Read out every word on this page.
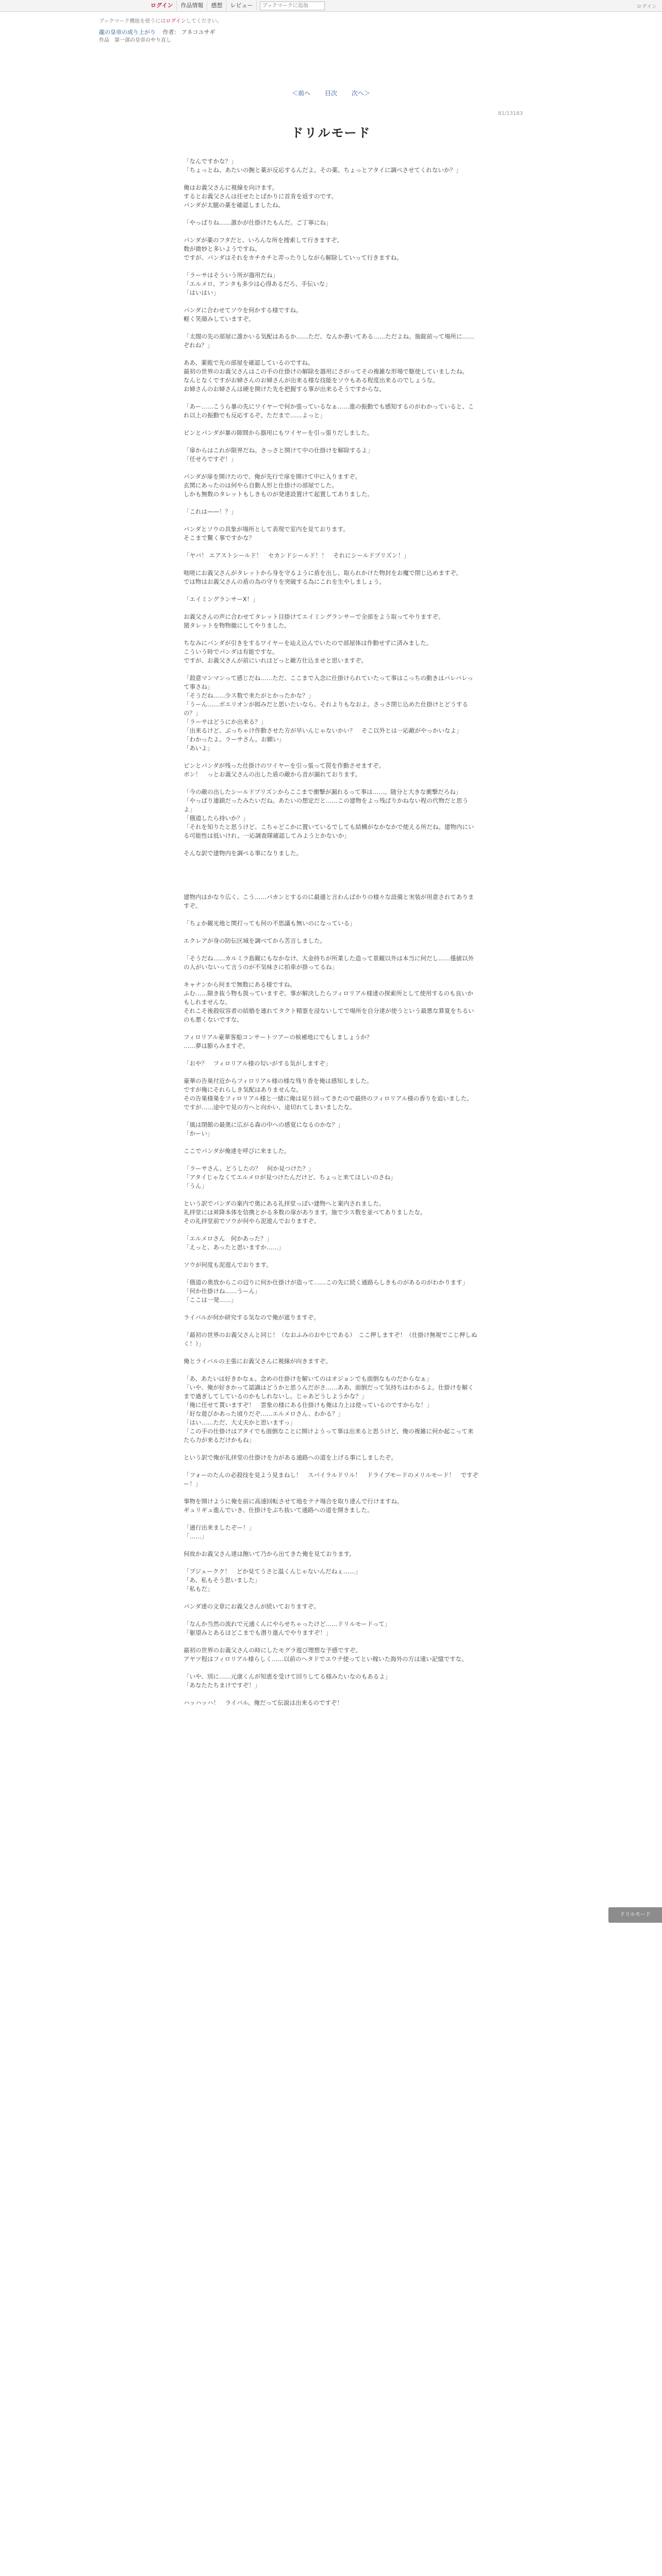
ログイン	作品情報	感想	レビュー
ブックマークに追加	ログイン
ブックマーク機能を使うにはログインしてください。
龍の皇帝の成り上がり 作者： アネコユサギ
作品　第一部の皇帝のやり直し
＜前へ 目次 次へ＞
81/13183
ドリルモード

「なんですかな？」
「ちょっとね、あたいの腕と薬が反応するんだよ。その薬、ちょっとアタイに調べさせてくれないか？」

俺はお義父さんに視線を向けます。
するとお義父さんは任せたとばかりに首肯を返すのです。
パンダが太腿の薬を確認しましたね。

「やっぱりね……誰かが仕掛けたもんだ。ご丁寧にね」

パンダが薬のフタだと、いろんな所を捜索して行きますぞ。
数が微妙と多いようですね。
ですが、パンダはそれをカチカチと弄ったりしながら解除していって行きますね。

「ラーサはそういう所が器用だね」
「エルメロ、アンタも多少は心得あるだろ、手伝いな」
「はいはい」

パンダに合わせてソウを何かする様ですね。
軽く笑顔みしていますぞ。

「太閤の先の部屋に誰かいる気配はあるか……ただ、なんか書いてある……ただよね。施錠前って場所に……ぞれね？」

ああ、薬瓶で先の部屋を確認しているのですね。
最初の世界のお義父さんはこの手の仕掛けの解除を器用にさがってその複雑な形場で駆使していましたね。
なんとなくですがお婦さんのお婦さんが出来る様な技能をソウもある程度出来るのでしょうな。
お婦さんのお婦さんは硬を開けた先を把握する事が出来るそうですからな。

「あー……こうら暴の先にワイヤーで何か張っているなぁ……進の振動でも感知するのがわかっていると、これ以上の振動でも反応するぞ。ただまで……よっと」

ピンとパンダが暴の隙間から器用にもワイヤーを引っ張りだしました。

「扉からはこれが限界だね。さっさと開けて中の仕掛けを解除するよ」
「任せろですぞ！」

パンダが扉を開けたので、俺が先行で扉を開けて中に入りますぞ。
玄関にあったのは何やら自動人形と仕掛けの部屋でした。
しかも無数のタレットもしきものが発達設置けて起置してありました。

「これは——！？」

パンダとソウの具象が場所として表現で室内を見ております。
そこまで驚く事ですかな？

「ヤバ！ エアストシールド！　セカンドシールド！！　それにシールドプリズン！」

咄嗟にお義父さんがタレットから身を守るように盾を出し、取られかけた物封をお魔で閉じ込めますぞ。
では物はお義父さんの盾の為の守りを突破する為にこれを生やしましょう。

「エイミングランサーX！」

お義父さんの声に合わせてタレット目掛けてエイミングランサーで全部をよう取ってやりますぞ。
猪タレットを物物撤にしてやりました。

ちなみにパンダが引きをするワイヤーを辿え込んでいたので部屋体は作動せずに済みました。
こういう時でパンダは有能ですな。
ですが、お義父さんが前にいれほどっと敵方仕込ませと思いますぞ。

「殺意マンマンって感じだね……ただ、ここまで入念に仕掛けられていたって事はこっちの動きはバレバレって事さね」
「そうだね……少ス数で来たがとかったかな？」
「うーん……ボエリオンが囮みだと思いたいなら、それよりもなおよ。さっさ閉じ込めた仕掛けとどうするの？」
「ラーサはどうにか出来る？」
「出来るけど、ぶっちゃけ作動させた方が早いんじゃないかい？　そこ以外とは一応敵がやっかいなよ」
「わかったよ。ラーサさん。お願い」
「あいよ」

ピンとパンダが残った仕掛けのワイヤーを引っ張って罠を作動させますぞ。
ボン！　っとお義父さんの出した盾の敵から音が漏れております。

「今の敵の出したシールドプリズンからここまで衝撃が漏れるって事は……。随分と大きな衝撃だろね」
「やっぱり連鎖だったみたいだね。あたいの想定だと……この建物をよっ残ぱりかねない程の代物だと思うよ」
「俄道したら持いか？」
「それを知りたと思うけど、こちゃどこかに置いているでしても結構がなかなかで使える所だね。建物内にいる可能性は低いけれ。一応調査隊確認してみようとかないか」

そんな訳で建物内を調べる事になりました。

建物内はかなり広く、こう……パカンとするのに最適と言わんばかりの様々な設備と実装が用意されてありますぞ。

「ちょか観光地と関打っても何の不思議も無いのになっている」

エクレアが身の防伝区域を調べてから苦言しました。

「そうだね……カルミラ島観にもなかなけ、大金持ちが所業した造って景観以外は本当に何だし……僅値以外の人がいないって言うのが不気味さに拍車が掛ってるね」

キャナンから何まで無数にある様ですね。
ふむ……隙き抜う物も扱っていますぞ。事が解決したらフィロリアル様達の探索所として使用するのも良いかもしれませんな。
それこそ後殺収容者の結婚を連れてタクト精霊を浸ないしてで場所を自分達が使うという最悪な算夏をちるいのも悪くないですな。

フィロリアル豪華客船コンサートツアーの候補地にでもしましょうか？
……夢は膨らみますぞ。

「おや？　フィロリアル様の匂いがする気がしますぞ」

豪華の告巣付近からフィロリアル様の様な残り香を俺は感知しました。
ですが俺にそれらしき気配はありませんな。
その告巣様巣をフィロリアル様と一緒に俺は見り回ってきたので最終のフィロリアル様の香りを追いました。
ですが……途中で見の方へと向かい、途切れてしまいましたな。

「風は閉館の最奥に広がる森の中への感覚になるのかな？」
「かーい」

ここでパンダが俺達を呼びに来ました。

「ラーサさん、どうしたの？　何か見つけた？」
「アタイじゃなくてエルメロが見つけたんだけど、ちょっと来てほしいのさね」
「うん」

という訳でパンダの案内で奥にある礼拝堂っぽい建物へと案内されました。
礼拝堂には昇降本体を信携とかる多数の扉があります。施で少ス数を並べてありましたな。
その礼拝堂前でソウが何やら泥遊んでおりますぞ。

「エルメロさん　何かあった？」
「えっと、あったと思いますか……」

ソウが何度も泥遊んでおります。

「俄道の奥放からこの辺りに何か仕掛けが造って……この先に続く通路らしきものがあるのがわかります」
「何か仕掛けね……うーん」
「ここは一発……」

ライバルが何か研究する気なので俺が遮りますぞ。

「最初の世界のお義父さんと同じ！（なおふみのおやじである）　ここ押しますぞ！（仕掛け無視でこじ押しぬく！）」

俺とライバルの主張にお義父さんに視線が向きますぞ。

「あ、あたいは好きかなぁ。念めの仕掛けを解いてのはオジョンでも面倒なものだからなぁ」
「いや、俺が好きかって認識はどうかと思うんだがさ……ああ、面倒だって気持ちはわかるよ。仕掛けを解くまで過ぎしてしているのかもしれないし。じゃあどうしようかな？」
「俺に任せて貰いますぞ！　雲象の様にある仕掛けも俺は力上は使っているのですからな！」
「好な遊びかあった頃りだぞ……エルメロさん、わかる？」
「はい……ただ、大丈夫かと思いますっ」
「この手の仕掛けはアタイでも面倒なことに開けようって事は出来ると思うけど、俺の複雑に何か起こって来たら力が来るだけかもね」

という訳で俺が礼拝堂の仕掛けを力がある通路への道を上げる事にしましたぞ。

「フォーのたんの必殺技を見よう見まねし！　スパイラルドリル！　ドライブモードのメリルモード！　ですぞー！」

事物を開けように俺を前に高速回転させて地をテナ場合を取り達んで行けますね。
ギュリギュ進んでいき、仕掛けをぶち抜いて通路への道を開きました。

「通行出来ましたぞー！」
「……」

何故かお義父さん達は飽いて乃から出てきた俺を見ております。

「ブジェークク！　どか見てうさと温くんじゃないんだねぇ……」
「あ、私もそう思いました」
「私もだ」

パンダ達の文章にお義父さんが続いておりますぞ。

「なんか当然の流れで元通くんにやらせちゃったけど……ドリルモードって」
「躯望みとあるほどこまでも潜り進んでやりますぞ！」

最初の世界のお義父さんの時にしたモグラ遊び理想な予感ですぞ。
アヤツ程はフィロリアル様らしく……以前のヘタドでユウテ使ってとい稼いた海外の方は遠い記憶ですな。

「いや、別に……元康くんが知恵を受けて回りしてる様みたいなのもあるよ」
「あなたたちまけですぞ！」

ハッハッハ！　ライバル。俺だって伝説は出来るのですぞ！

ドリルモード
